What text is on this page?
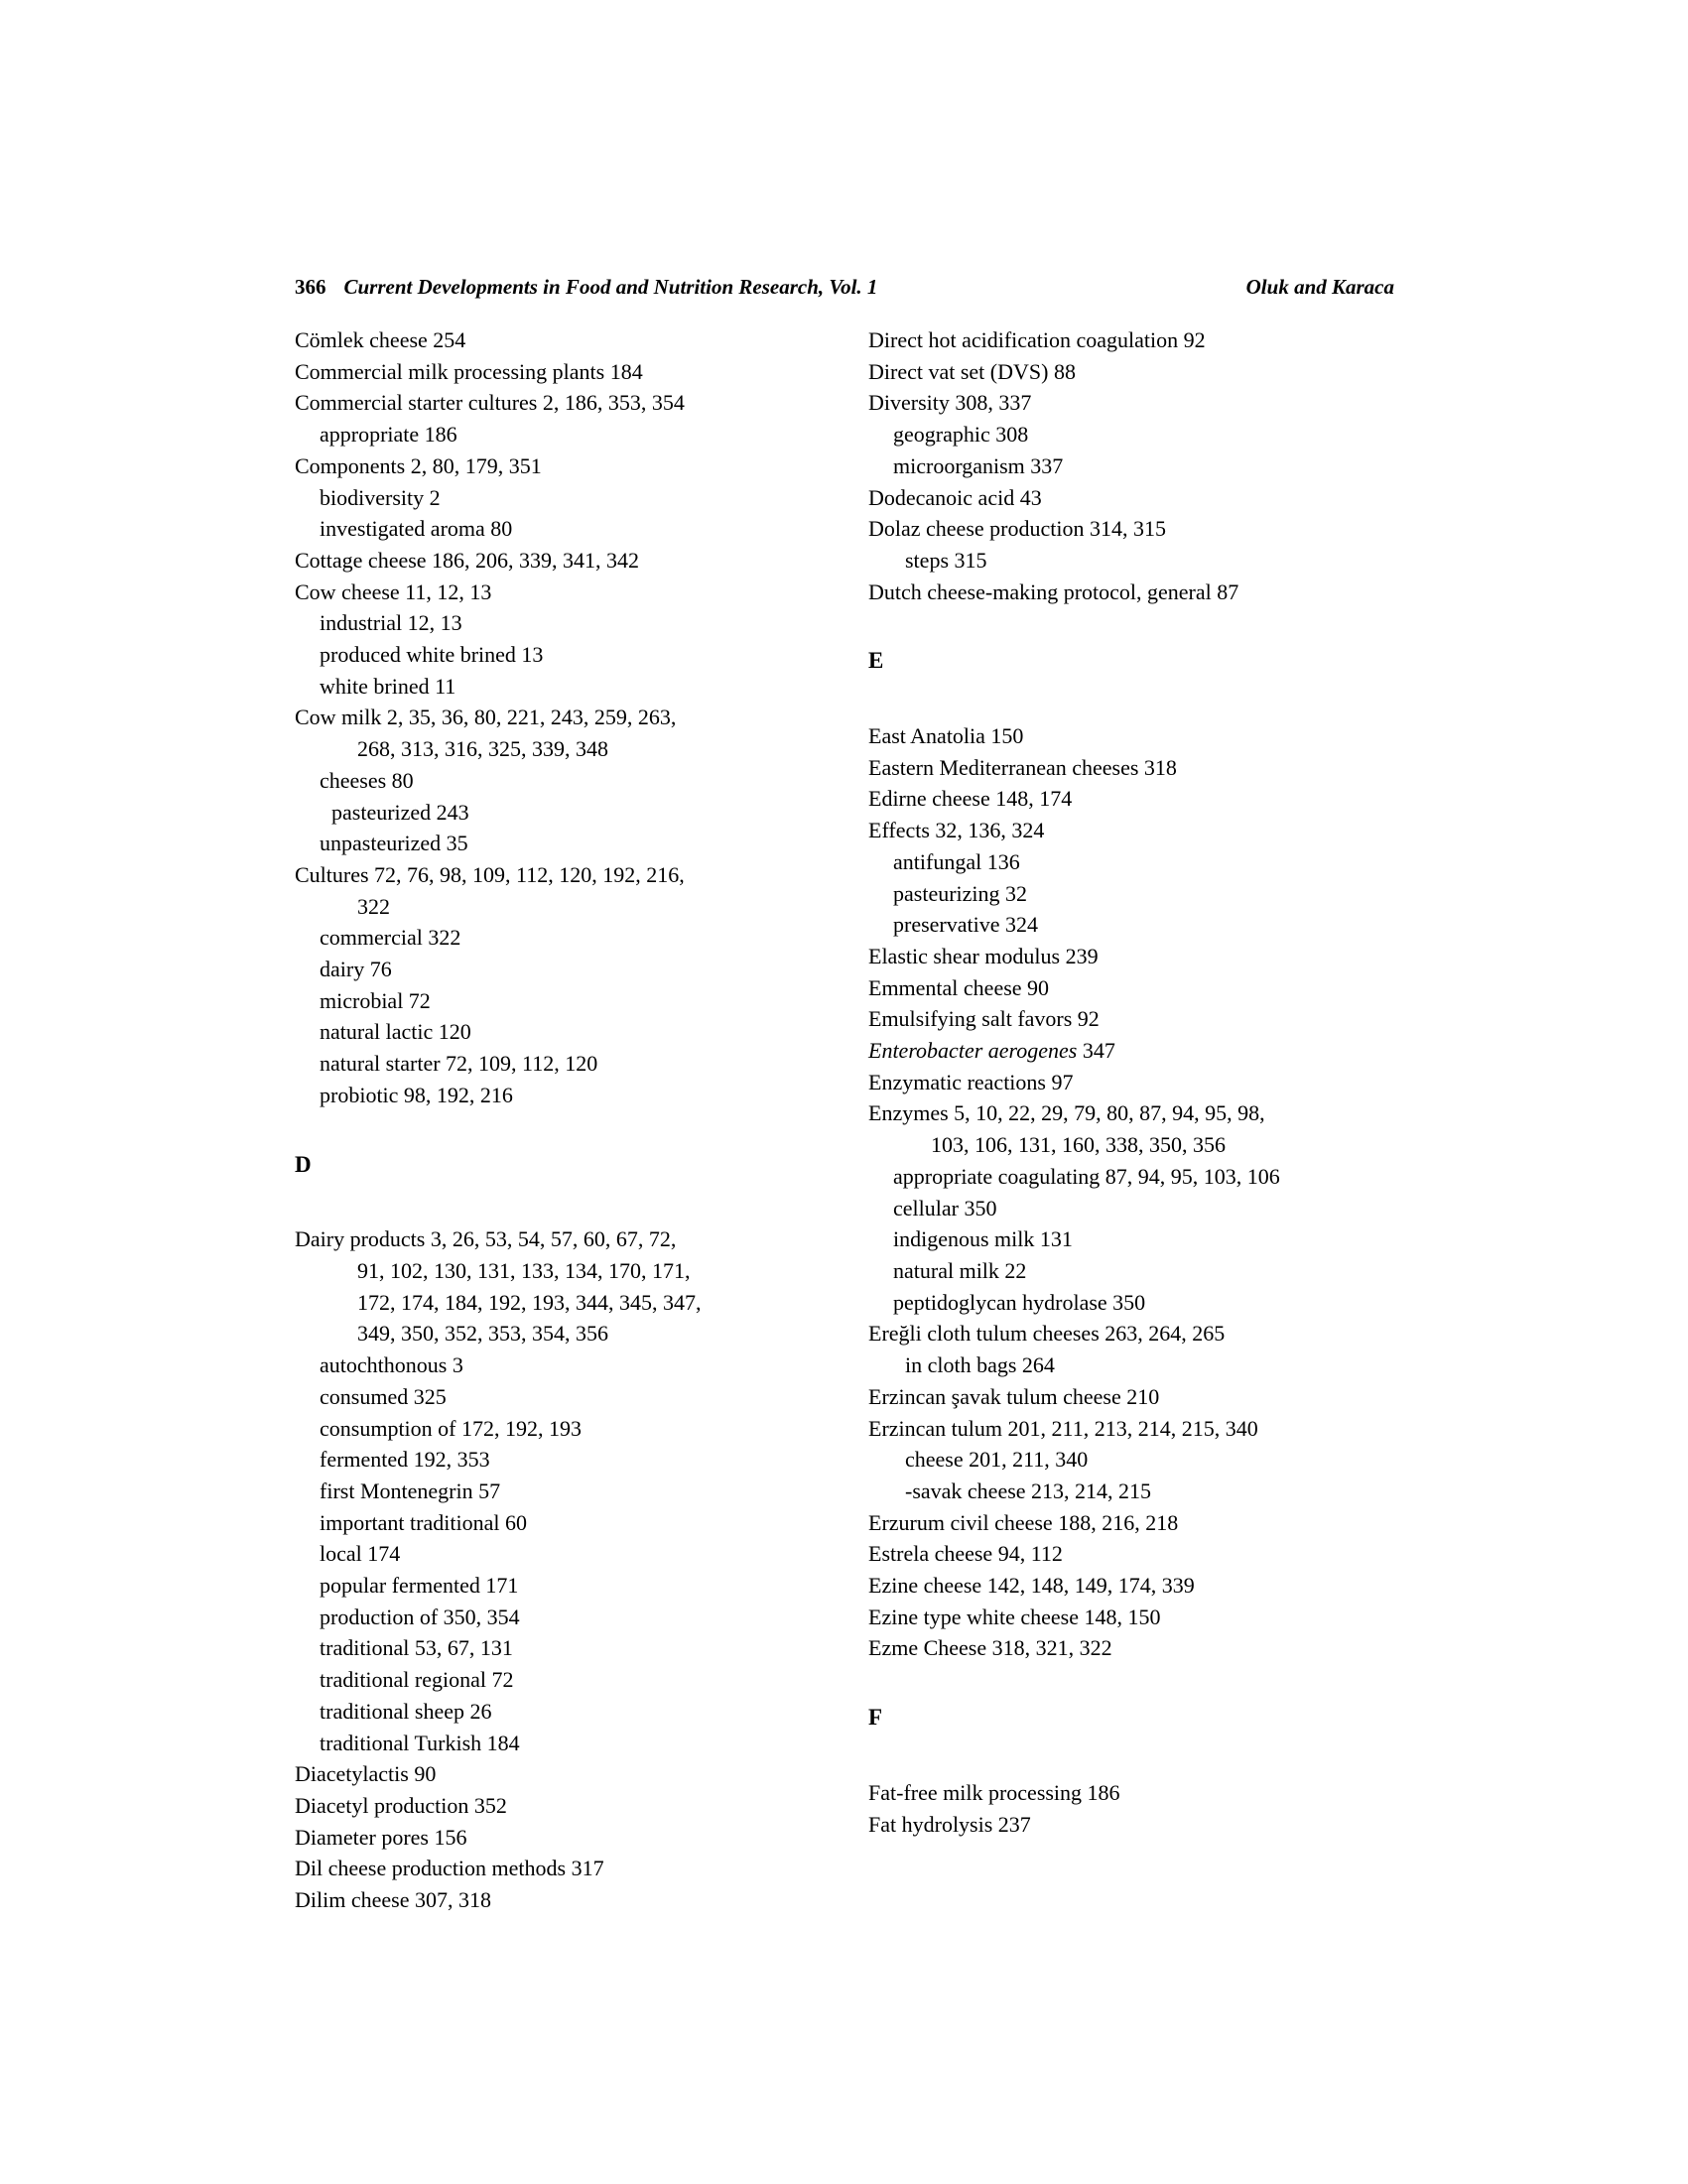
366 Current Developments in Food and Nutrition Research, Vol. 1	Oluk and Karaca
Cömlek cheese 254
Commercial milk processing plants 184
Commercial starter cultures 2, 186, 353, 354
appropriate 186
Components 2, 80, 179, 351
biodiversity 2
investigated aroma 80
Cottage cheese 186, 206, 339, 341, 342
Cow cheese 11, 12, 13
industrial 12, 13
produced white brined 13
white brined 11
Cow milk 2, 35, 36, 80, 221, 243, 259, 263,
268, 313, 316, 325, 339, 348
cheeses 80
pasteurized 243
unpasteurized 35
Cultures 72, 76, 98, 109, 112, 120, 192, 216,
322
commercial 322
dairy 76
microbial 72
natural lactic 120
natural starter 72, 109, 112, 120
probiotic 98, 192, 216
D
Dairy products 3, 26, 53, 54, 57, 60, 67, 72,
91, 102, 130, 131, 133, 134, 170, 171,
172, 174, 184, 192, 193, 344, 345, 347,
349, 350, 352, 353, 354, 356
autochthonous 3
consumed 325
consumption of 172, 192, 193
fermented 192, 353
first Montenegrin 57
important traditional 60
local 174
popular fermented 171
production of 350, 354
traditional 53, 67, 131
traditional regional 72
traditional sheep 26
traditional Turkish 184
Diacetylactis 90
Diacetyl production 352
Diameter pores 156
Dil cheese production methods 317
Dilim cheese 307, 318
Direct hot acidification coagulation 92
Direct vat set (DVS) 88
Diversity 308, 337
geographic 308
microorganism 337
Dodecanoic acid 43
Dolaz cheese production 314, 315
steps 315
Dutch cheese-making protocol, general 87
E
East Anatolia 150
Eastern Mediterranean cheeses 318
Edirne cheese 148, 174
Effects 32, 136, 324
antifungal 136
pasteurizing 32
preservative 324
Elastic shear modulus 239
Emmental cheese 90
Emulsifying salt favors 92
Enterobacter aerogenes 347
Enzymatic reactions 97
Enzymes 5, 10, 22, 29, 79, 80, 87, 94, 95, 98,
103, 106, 131, 160, 338, 350, 356
appropriate coagulating 87, 94, 95, 103, 106
cellular 350
indigenous milk 131
natural milk 22
peptidoglycan hydrolase 350
Ereğli cloth tulum cheeses 263, 264, 265
in cloth bags 264
Erzincan şavak tulum cheese 210
Erzincan tulum 201, 211, 213, 214, 215, 340
cheese 201, 211, 340
-savak cheese 213, 214, 215
Erzurum civil cheese 188, 216, 218
Estrela cheese 94, 112
Ezine cheese 142, 148, 149, 174, 339
Ezine type white cheese 148, 150
Ezme Cheese 318, 321, 322
F
Fat-free milk processing 186
Fat hydrolysis 237
